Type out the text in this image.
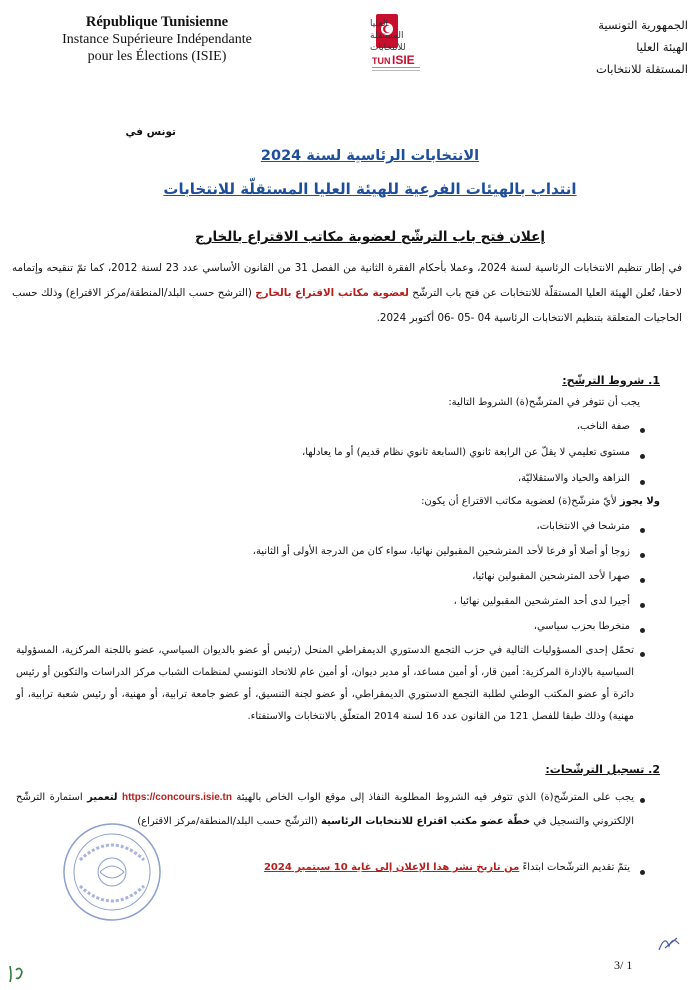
République Tunisienne
Instance Supérieure Indépendante
pour les Élections (ISIE)
العليا
المستقلة
للانتخابات
TUN ISIE
الجمهورية التونسية
الهيئة العليا
المستقلة للانتخابات
تونس في
الانتخابات الرئاسية لسنة 2024
انتداب بالهيئات الفرعية للهيئة العليا المستقلّة للانتخابات
إعلان فتح باب الترشّح لعضوية مكاتب الاقتراع بالخارج
في إطار تنظيم الانتخابات الرئاسية لسنة 2024، وعملا بأحكام الفقرة الثانية من الفصل 31 من القانون الأساسي عدد 23 لسنة 2012، كما تمّ تنقيحه وإتمامه لاحقا، تُعلن الهيئة العليا المستقلّة للانتخابات عن فتح باب الترشّح لعضوية مكاتب الاقتراع بالخارج (الترشح حسب البلد/المنطقة/مركز الاقتراع) وذلك حسب الحاجيات المتعلقة بتنظيم الانتخابات الرئاسية 04 -05 -06 أكتوبر 2024.
1. شروط الترشّح:
يجب أن تتوفر في المترشّح(ة) الشروط التالية:
صفة الناخب،
مستوى تعليمي لا يقلّ عن الرابعة ثانوي (السابعة ثانوي نظام قديم) أو ما يعادلها،
النزاهة والحياد والاستقلاليّة،
ولا يجوز لأيّ مترشّح(ة) لعضوية مكاتب الاقتراع أن يكون:
مترشحا في الانتخابات،
زوجا أو أصلا أو فرعا لأحد المترشحين المقبولين نهائيا، سواء كان من الدرجة الأولى أو الثانية،
صهرا لأحد المترشحين المقبولين نهائيا،
أجيرا لدى أحد المترشحين المقبولين نهائيا ،
منخرطا بحزب سياسي،
تحمّل إحدى المسؤوليات التالية في حزب التجمع الدستوري الديمقراطي المنحل (رئيس أو عضو بالديوان السياسي، عضو باللجنة المركزية، المسؤولية السياسية بالإدارة المركزية: أمين قار، أو أمين مساعد، أو مدير ديوان، أو أمين عام للاتحاد التونسي لمنظمات الشباب مركز الدراسات والتكوين أو رئيس دائرة أو عضو المكتب الوطني لطلبة التجمع الدستوري الديمقراطي، أو عضو لجنة التنسيق، أو عضو جامعة ترابية، أو مهنية، أو رئيس شعبة ترابية، أو مهنية) وذلك طبقا للفصل 121 من القانون عدد 16 لسنة 2014 المتعلّق بالانتخابات والاستفتاء.
2. تسجيل الترشّحات:
يجب على المترشّح(ة) الذي تتوفر فيه الشروط المطلوبة النفاذ إلى موقع الواب الخاص بالهيئة https://concours.isie.tn لتعمير استمارة الترشّح الإلكتروني والتسجيل في خطّة عضو مكتب اقتراع للانتخابات الرئاسية (الترشّح حسب البلد/المنطقة/مركز الاقتراع)
يتمّ تقديم الترشّحات ابتداءً من تاريخ نشر هذا الإعلان إلى غاية 10 سبتمبر 2024
3/ 1
